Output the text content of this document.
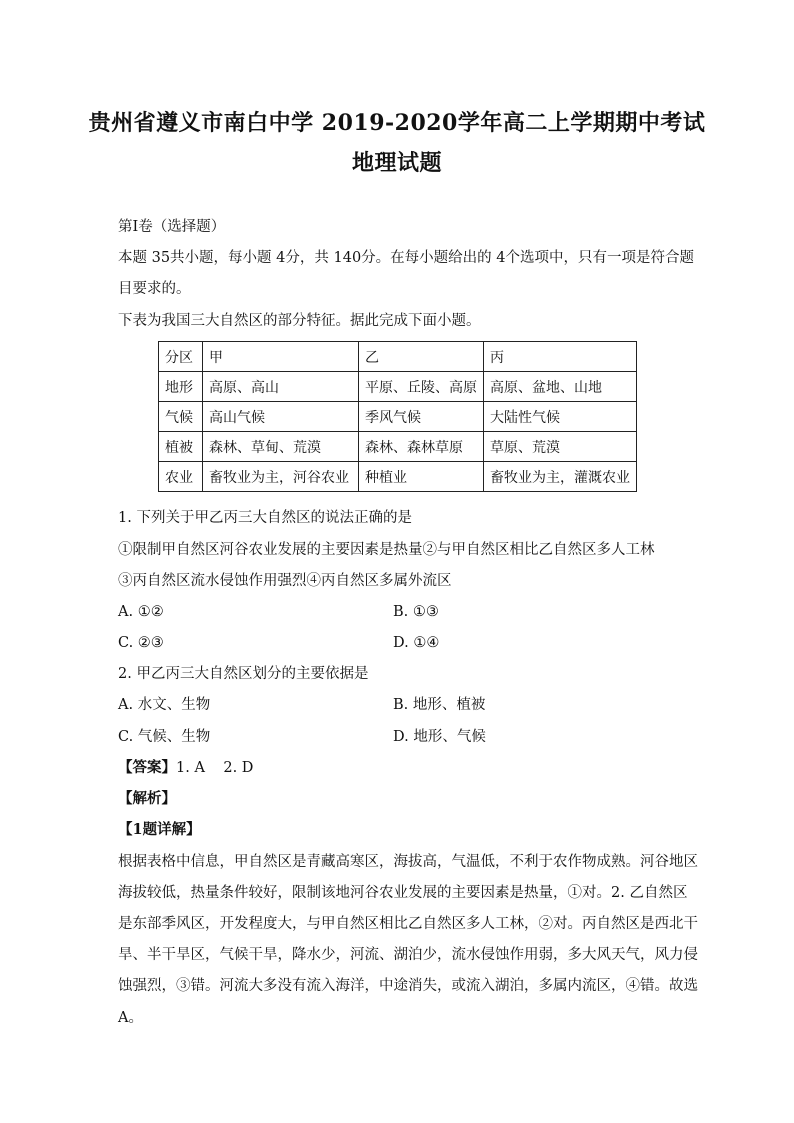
贵州省遵义市南白中学 2019-2020学年高二上学期期中考试
地理试题
第I卷（选择题）
本题 35共小题，每小题 4分，共 140分。在每小题给出的 4个选项中，只有一项是符合题
目要求的。
下表为我国三大自然区的部分特征。据此完成下面小题。
分区	甲	乙	丙
地形	高原、高山	平原、丘陵、高原	高原、盆地、山地
气候	高山气候	季风气候	大陆性气候
植被	森林、草甸、荒漠	森林、森林草原	草原、荒漠
农业	畜牧业为主，河谷农业	种植业	畜牧业为主，灌溉农业
1. 下列关于甲乙丙三大自然区的说法正确的是
①限制甲自然区河谷农业发展的主要因素是热量②与甲自然区相比乙自然区多人工林
③丙自然区流水侵蚀作用强烈④丙自然区多属外流区
A. ①②	B. ①③
C. ②③	D. ①④
2. 甲乙丙三大自然区划分的主要依据是
A. 水文、生物	B. 地形、植被
C. 气候、生物	D. 地形、气候
【答案】1. A    2. D
【解析】
【1题详解】
根据表格中信息，甲自然区是青藏高寒区，海拔高，气温低，不利于农作物成熟。河谷地区
海拔较低，热量条件较好，限制该地河谷农业发展的主要因素是热量，①对。2. 乙自然区
是东部季风区，开发程度大，与甲自然区相比乙自然区多人工林，②对。丙自然区是西北干
旱、半干旱区，气候干旱，降水少，河流、湖泊少，流水侵蚀作用弱，多大风天气，风力侵
蚀强烈，③错。河流大多没有流入海洋，中途消失，或流入湖泊，多属内流区，④错。故选
A。
